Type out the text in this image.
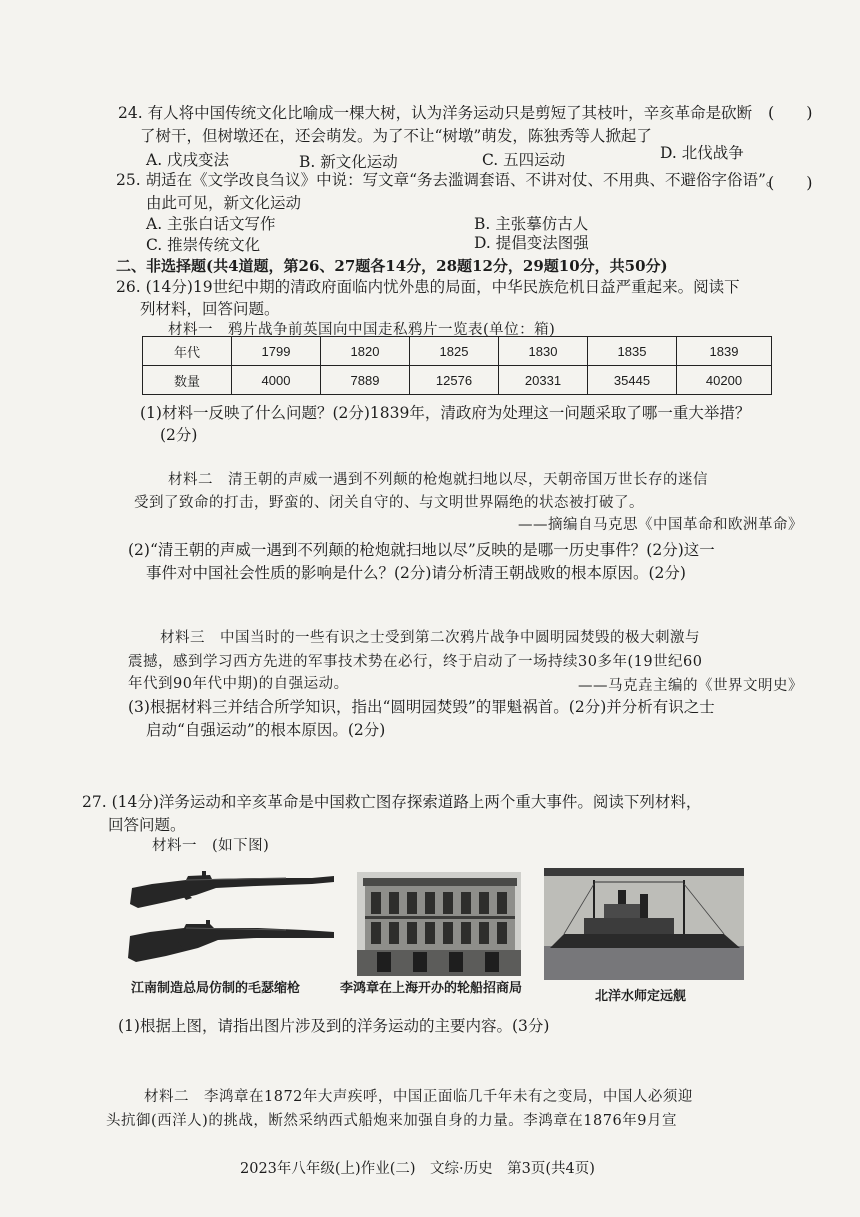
24. 有人将中国传统文化比喻成一棵大树，认为洋务运动只是剪短了其枝叶，辛亥革命是砍断 (　　)
了树干，但树墩还在，还会萌发。为了不让“树墩”萌发，陈独秀等人掀起了
A. 戊戌变法	B. 新文化运动	C. 五四运动	D. 北伐战争
25. 胡适在《文学改良刍议》中说：写文章“务去滥调套语、不讲对仗、不用典、不避俗字俗语”。
(　　)
由此可见，新文化运动
A. 主张白话文写作	B. 主张摹仿古人
C. 推崇传统文化	D. 提倡变法图强
二、非选择题(共4道题，第26、27题各14分，28题12分，29题10分，共50分)
26. (14分)19世纪中期的清政府面临内忧外患的局面，中华民族危机日益严重起来。阅读下
列材料，回答问题。
材料一　鸦片战争前英国向中国走私鸦片一览表(单位：箱)
年代	1799	1820	1825	1830	1835	1839
数量	4000	7889	12576	20331	35445	40200
(1)材料一反映了什么问题？(2分)1839年，清政府为处理这一问题采取了哪一重大举措？
(2分)
材料二　清王朝的声威一遇到不列颠的枪炮就扫地以尽，天朝帝国万世长存的迷信
受到了致命的打击，野蛮的、闭关自守的、与文明世界隔绝的状态被打破了。
——摘编自马克思《中国革命和欧洲革命》
(2)“清王朝的声威一遇到不列颠的枪炮就扫地以尽”反映的是哪一历史事件？(2分)这一
事件对中国社会性质的影响是什么？(2分)请分析清王朝战败的根本原因。(2分)
材料三　中国当时的一些有识之士受到第二次鸦片战争中圆明园焚毁的极大刺激与
震撼，感到学习西方先进的军事技术势在必行，终于启动了一场持续30多年(19世纪60
年代到90年代中期)的自强运动。	——马克垚主编的《世界文明史》
(3)根据材料三并结合所学知识，指出“圆明园焚毁”的罪魁祸首。(2分)并分析有识之士
启动“自强运动”的根本原因。(2分)
27. (14分)洋务运动和辛亥革命是中国救亡图存探索道路上两个重大事件。阅读下列材料，
回答问题。
材料一　(如下图)
江南制造总局仿制的毛瑟缩枪	李鸿章在上海开办的轮船招商局
北洋水师定远舰
(1)根据上图，请指出图片涉及到的洋务运动的主要内容。(3分)
材料二　李鸿章在1872年大声疾呼，中国正面临几千年未有之变局，中国人必须迎
头抗御(西洋人)的挑战，断然采纳西式船炮来加强自身的力量。李鸿章在1876年9月宣
2023年八年级(上)作业(二)　文综·历史　第3页(共4页)
